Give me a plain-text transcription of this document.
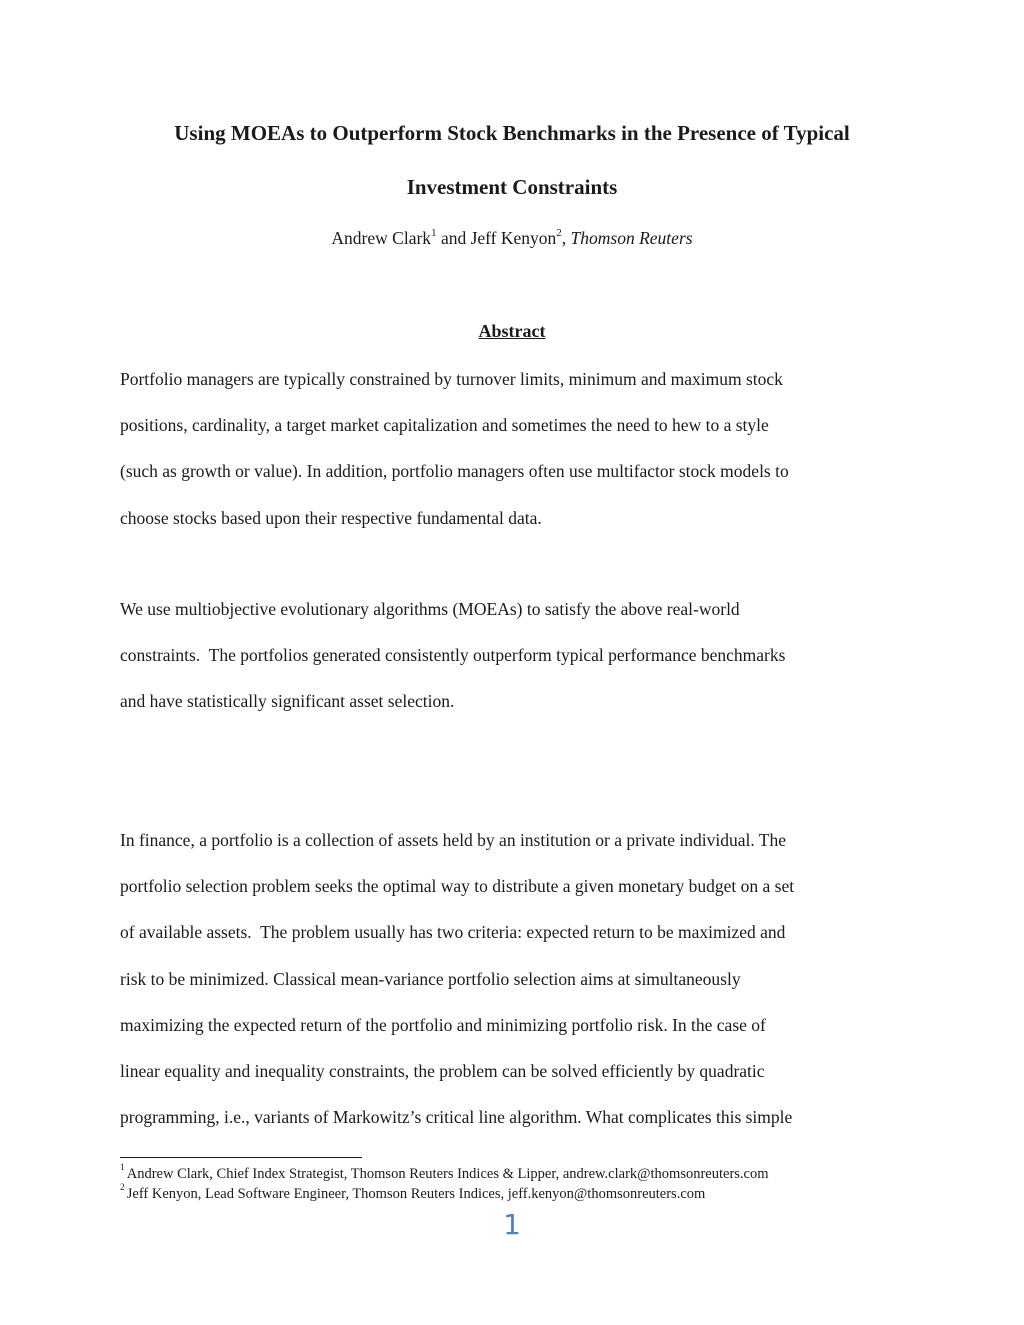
Using MOEAs to Outperform Stock Benchmarks in the Presence of Typical
Investment Constraints
Andrew Clark$^1$ and Jeff Kenyon$^2$, Thomson Reuters
Abstract

Portfolio managers are typically constrained by turnover limits, minimum and maximum stock
positions, cardinality, a target market capitalization and sometimes the need to hew to a style
(such as growth or value). In addition, portfolio managers often use multifactor stock models to
choose stocks based upon their respective fundamental data.

We use multiobjective evolutionary algorithms (MOEAs) to satisfy the above real-world
constraints.  The portfolios generated consistently outperform typical performance benchmarks
and have statistically significant asset selection.

In finance, a portfolio is a collection of assets held by an institution or a private individual. The
portfolio selection problem seeks the optimal way to distribute a given monetary budget on a set
of available assets.  The problem usually has two criteria: expected return to be maximized and
risk to be minimized. Classical mean-variance portfolio selection aims at simultaneously
maximizing the expected return of the portfolio and minimizing portfolio risk. In the case of
linear equality and inequality constraints, the problem can be solved efficiently by quadratic
programming, i.e., variants of Markowitz’s critical line algorithm. What complicates this simple

$^1$ Andrew Clark, Chief Index Strategist, Thomson Reuters Indices & Lipper, andrew.clark@thomsonreuters.com
$^2$ Jeff Kenyon, Lead Software Engineer, Thomson Reuters Indices, jeff.kenyon@thomsonreuters.com
1
